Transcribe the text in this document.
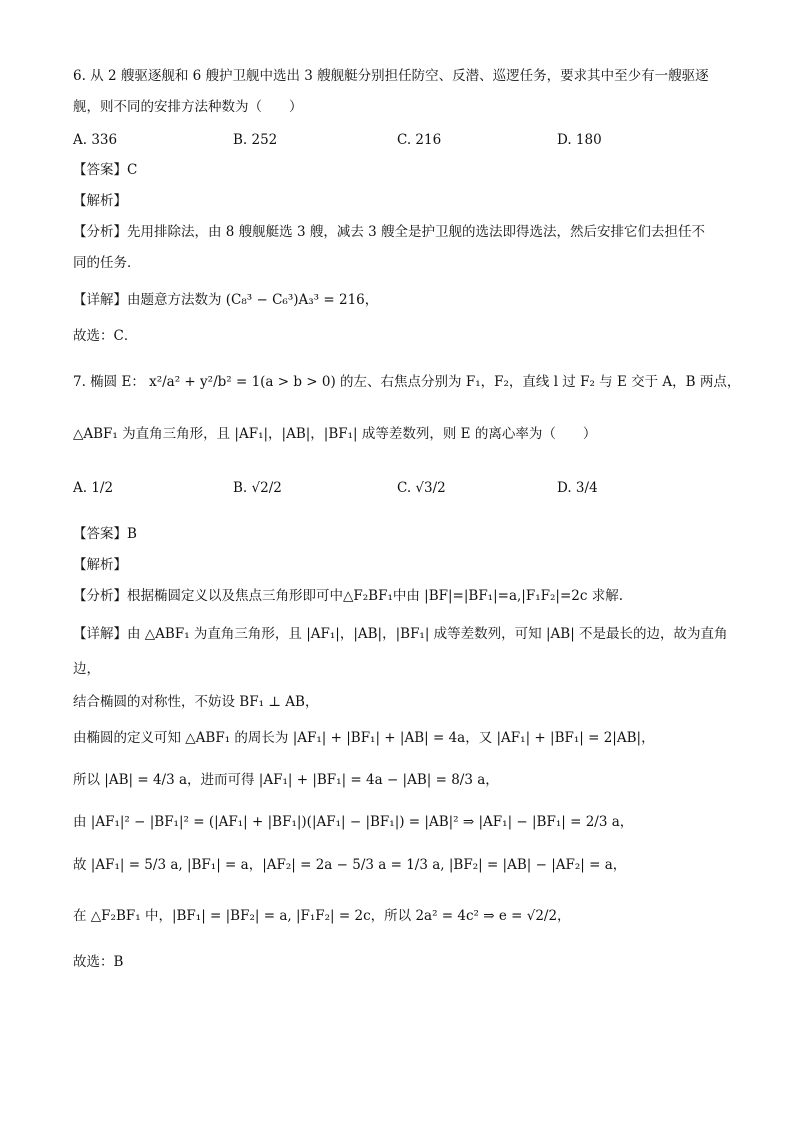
6. 从 2 艘驱逐舰和 6 艘护卫舰中选出 3 艘舰艇分别担任防空、反潜、巡逻任务，要求其中至少有一艘驱逐
舰，则不同的安排方法种数为（　　）
A. 336	B. 252	C. 216	D. 180
【答案】C
【解析】
【分析】先用排除法，由 8 艘舰艇选 3 艘，减去 3 艘全是护卫舰的选法即得选法，然后安排它们去担任不
同的任务．
【详解】由题意方法数为 (C₈³ − C₆³)A₃³ = 216，
故选：C．
7. 椭圆 E： x²/a² + y²/b² = 1(a > b > 0) 的左、右焦点分别为 F₁，F₂，直线 l 过 F₂ 与 E 交于 A，B 两点，
△ABF₁ 为直角三角形，且 |AF₁|，|AB|，|BF₁| 成等差数列，则 E 的离心率为（　　）
A. 1/2	B. √2/2	C. √3/2	D. 3/4
【答案】B
【解析】
【分析】根据椭圆定义以及焦点三角形即可中△F₂BF₁中由 |BF|=|BF₁|=a,|F₁F₂|=2c 求解.
【详解】由 △ABF₁ 为直角三角形，且 |AF₁|，|AB|，|BF₁| 成等差数列，可知 |AB| 不是最长的边，故为直角
边，
结合椭圆的对称性，不妨设 BF₁ ⊥ AB，
由椭圆的定义可知 △ABF₁ 的周长为 |AF₁| + |BF₁| + |AB| = 4a，又 |AF₁| + |BF₁| = 2|AB|，
所以 |AB| = 4/3 a，进而可得 |AF₁| + |BF₁| = 4a − |AB| = 8/3 a，
由 |AF₁|² − |BF₁|² = (|AF₁| + |BF₁|)(|AF₁| − |BF₁|) = |AB|² ⇒ |AF₁| − |BF₁| = 2/3 a，
故 |AF₁| = 5/3 a, |BF₁| = a，|AF₂| = 2a − 5/3 a = 1/3 a, |BF₂| = |AB| − |AF₂| = a，
在 △F₂BF₁ 中，|BF₁| = |BF₂| = a, |F₁F₂| = 2c，所以 2a² = 4c² ⇒ e = √2/2，
故选：B
